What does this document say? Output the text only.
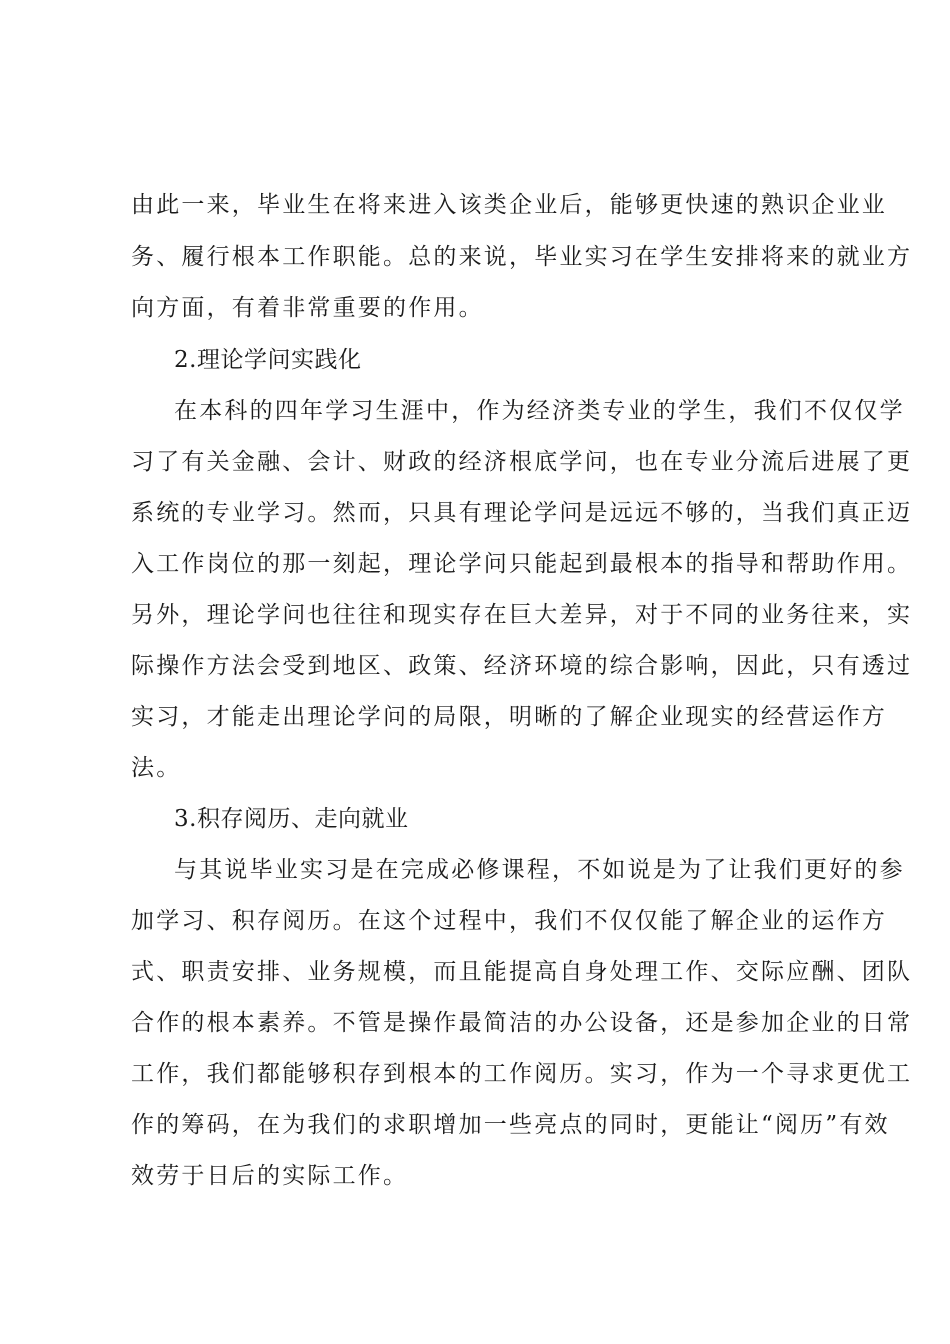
由此一来，毕业生在将来进入该类企业后，能够更快速的熟识企业业
务、履行根本工作职能。总的来说，毕业实习在学生安排将来的就业方
向方面，有着非常重要的作用。
2.理论学问实践化
在本科的四年学习生涯中，作为经济类专业的学生，我们不仅仅学
习了有关金融、会计、财政的经济根底学问，也在专业分流后进展了更
系统的专业学习。然而，只具有理论学问是远远不够的，当我们真正迈
入工作岗位的那一刻起，理论学问只能起到最根本的指导和帮助作用。
另外，理论学问也往往和现实存在巨大差异，对于不同的业务往来，实
际操作方法会受到地区、政策、经济环境的综合影响，因此，只有透过
实习，才能走出理论学问的局限，明晰的了解企业现实的经营运作方
法。
3.积存阅历、走向就业
与其说毕业实习是在完成必修课程，不如说是为了让我们更好的参
加学习、积存阅历。在这个过程中，我们不仅仅能了解企业的运作方
式、职责安排、业务规模，而且能提高自身处理工作、交际应酬、团队
合作的根本素养。不管是操作最简洁的办公设备，还是参加企业的日常
工作，我们都能够积存到根本的工作阅历。实习，作为一个寻求更优工
作的筹码，在为我们的求职增加一些亮点的同时，更能让“阅历”有效
效劳于日后的实际工作。
